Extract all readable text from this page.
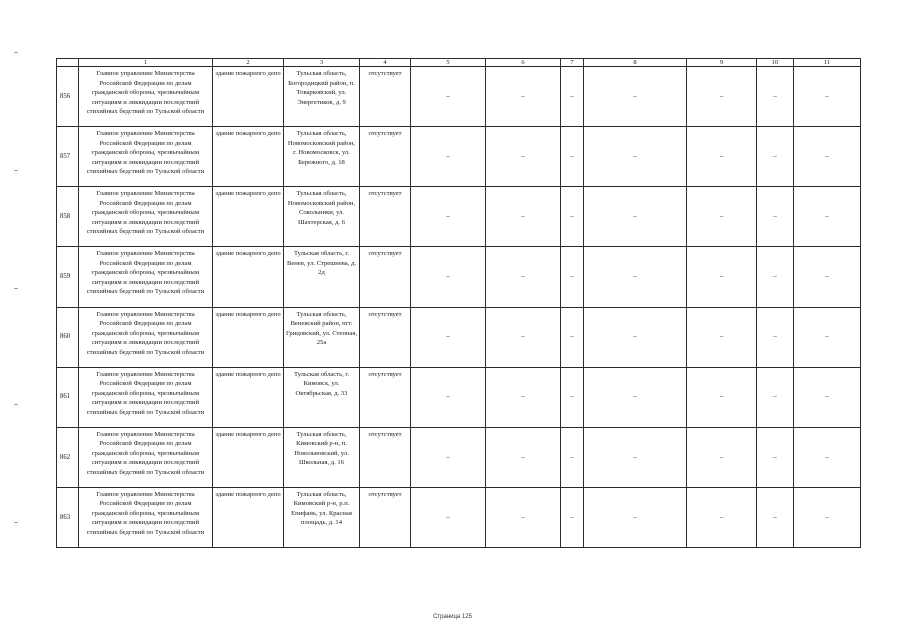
	1	2	3	4	5	6	7	8	9	10	11
856	Главное управление Министерства Российской Федерации по делам гражданской обороны, чрезвычайным ситуациям и ликвидации последствий стихийных бедствий по Тульской области	здание пожарного депо	Тульская область, Богородицкий район, п. Товарковский, ул. Энергетиков, д. 9	отсутствует	–	–	–	–	–	–	–
857	Главное управление Министерства Российской Федерации по делам гражданской обороны, чрезвычайным ситуациям и ликвидации последствий стихийных бедствий по Тульской области	здание пожарного депо	Тульская область, Новомосковский район, г. Новомосковск, ул. Бережного, д. 18	отсутствует	–	–	–	–	–	–	–
858	Главное управление Министерства Российской Федерации по делам гражданской обороны, чрезвычайным ситуациям и ликвидации последствий стихийных бедствий по Тульской области	здание пожарного депо	Тульская область, Новомосковский район, Сокольники, ул. Шахтерская, д. 6	отсутствует	–	–	–	–	–	–	–
859	Главное управление Министерства Российской Федерации по делам гражданской обороны, чрезвычайным ситуациям и ликвидации последствий стихийных бедствий по Тульской области	здание пожарного депо	Тульская область, г. Венев, ул. Стрешнева, д. 2д	отсутствует	–	–	–	–	–	–	–
860	Главное управление Министерства Российской Федерации по делам гражданской обороны, чрезвычайным ситуациям и ликвидации последствий стихийных бедствий по Тульской области	здание пожарного депо	Тульская область, Веневский район, пгт. Грицовский, ул. Степная, 25а	отсутствует	–	–	–	–	–	–	–
861	Главное управление Министерства Российской Федерации по делам гражданской обороны, чрезвычайным ситуациям и ликвидации последствий стихийных бедствий по Тульской области	здание пожарного депо	Тульская область, г. Кимовск, ул. Октябрьская, д. 33	отсутствует	–	–	–	–	–	–	–
862	Главное управление Министерства Российской Федерации по делам гражданской обороны, чрезвычайным ситуациям и ликвидации последствий стихийных бедствий по Тульской области	здание пожарного депо	Тульская область, Кимовский р-н, п. Новольвовский, ул. Школьная, д. 16	отсутствует	–	–	–	–	–	–	–
863	Главное управление Министерства Российской Федерации по делам гражданской обороны, чрезвычайным ситуациям и ликвидации последствий стихийных бедствий по Тульской области	здание пожарного депо	Тульская область, Кимовский р-н, р.п. Епифань, ул. Красная площадь, д. 14	отсутствует	–	–	–	–	–	–	–
Страница 125
